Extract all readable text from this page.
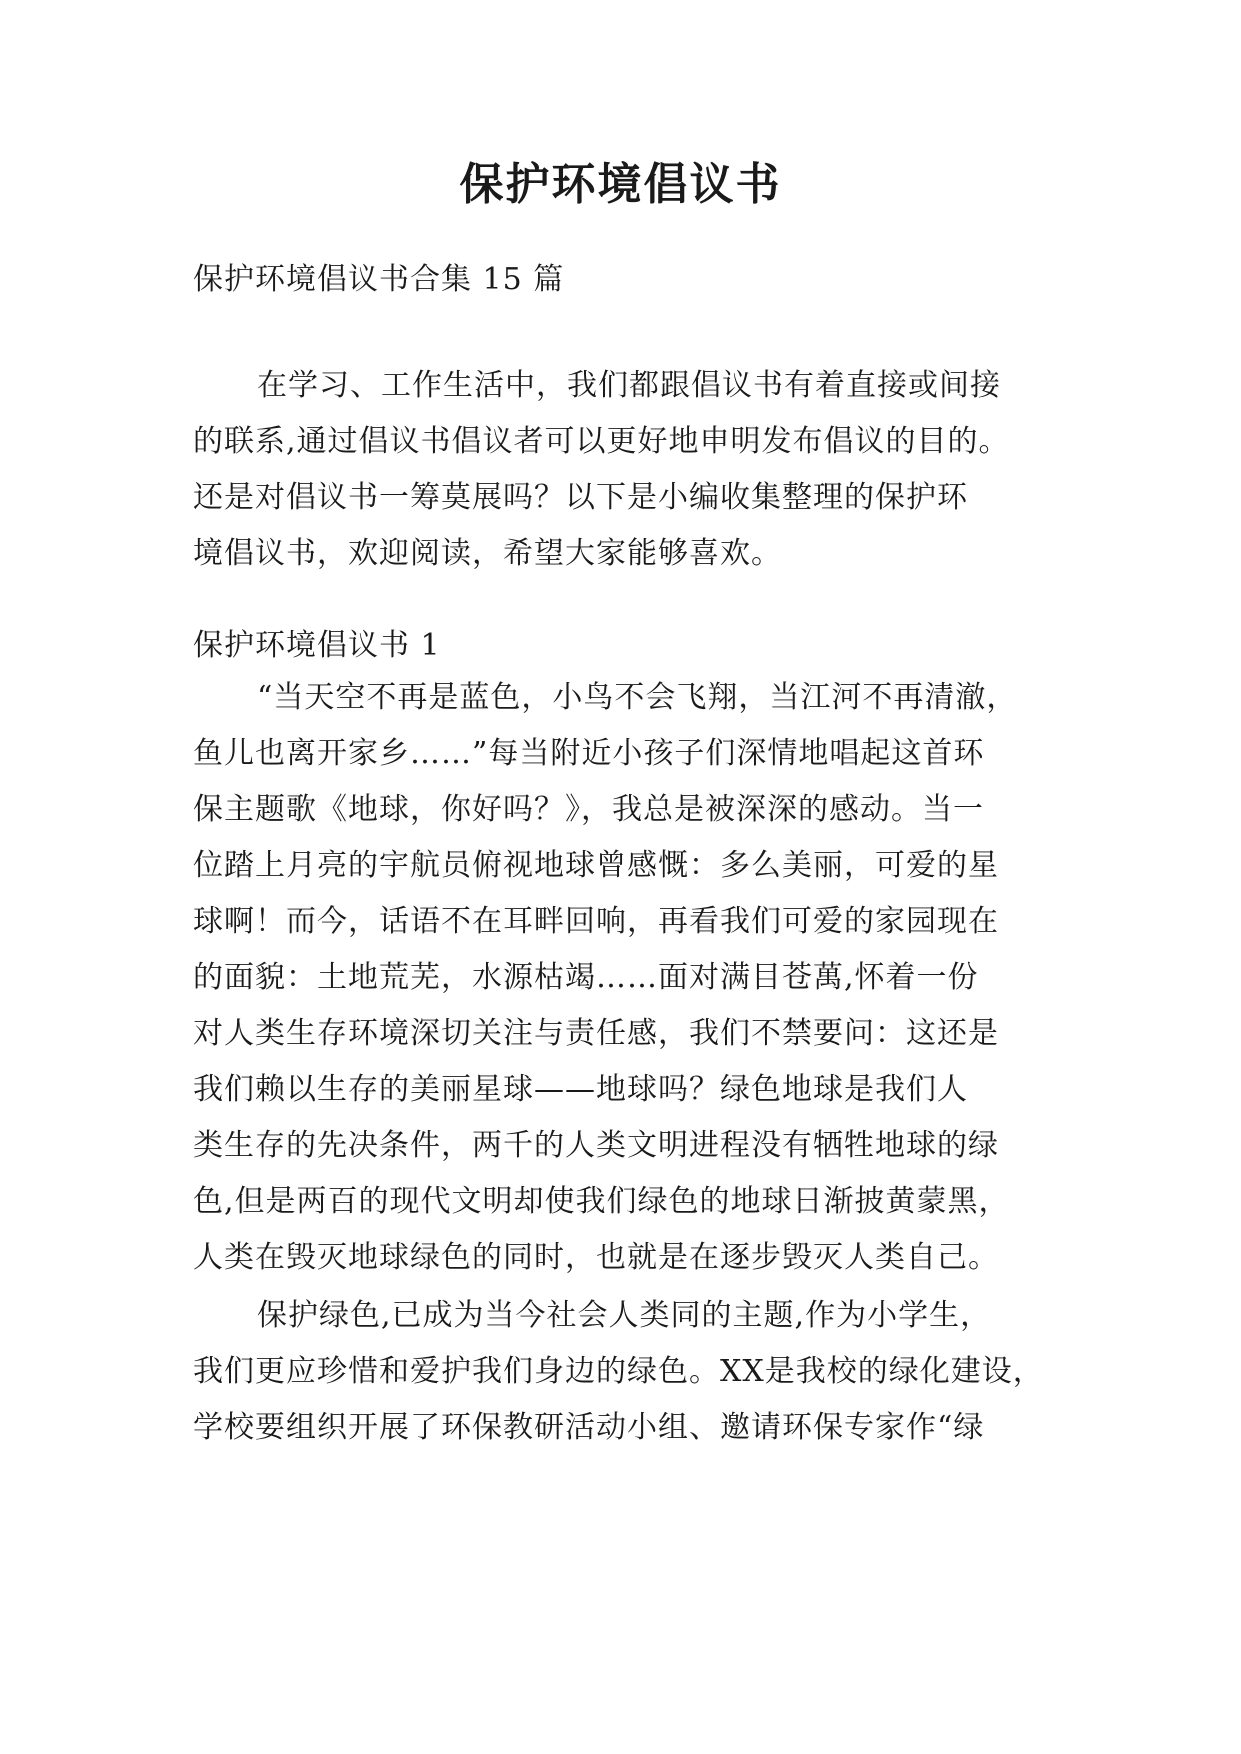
保护环境倡议书

保护环境倡议书合集 15 篇

在学习、工作生活中，我们都跟倡议书有着直接或间接
的联系,通过倡议书倡议者可以更好地申明发布倡议的目的。
还是对倡议书一筹莫展吗？以下是小编收集整理的保护环
境倡议书，欢迎阅读，希望大家能够喜欢。

保护环境倡议书 1

“当天空不再是蓝色，小鸟不会飞翔，当江河不再清澈，
鱼儿也离开家乡……”每当附近小孩子们深情地唱起这首环
保主题歌《地球，你好吗？》，我总是被深深的感动。当一
位踏上月亮的宇航员俯视地球曾感慨：多么美丽，可爱的星
球啊！而今，话语不在耳畔回响，再看我们可爱的家园现在
的面貌：土地荒芜，水源枯竭……面对满目苍萬,怀着一份
对人类生存环境深切关注与责任感，我们不禁要问：这还是
我们赖以生存的美丽星球——地球吗？绿色地球是我们人
类生存的先决条件，两千的人类文明进程没有牺牲地球的绿
色,但是两百的现代文明却使我们绿色的地球日渐披黄蒙黑，
人类在毁灭地球绿色的同时，也就是在逐步毁灭人类自己。
保护绿色,已成为当今社会人类同的主题,作为小学生，
我们更应珍惜和爱护我们身边的绿色。XX是我校的绿化建设，
学校要组织开展了环保教研活动小组、邀请环保专家作“绿
